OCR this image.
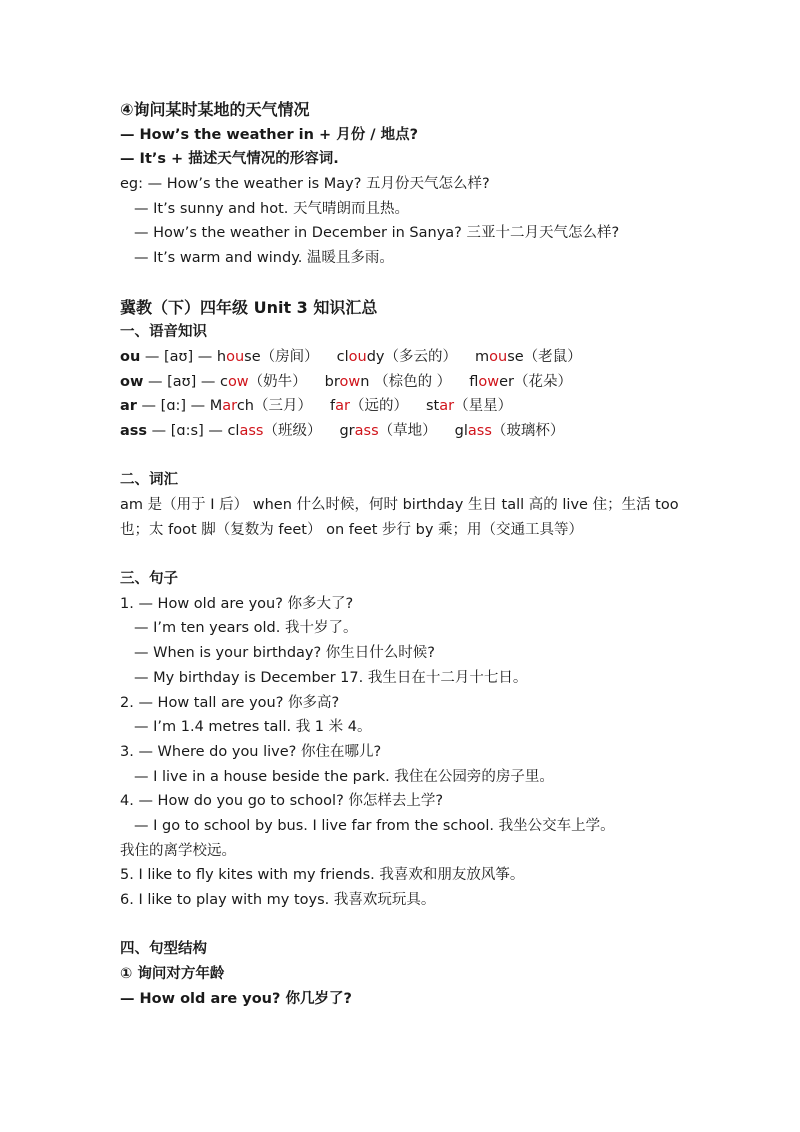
④询问某时某地的天气情况
— How’s the weather in + 月份 / 地点?
— It’s + 描述天气情况的形容词.
eg: — How’s the weather is May? 五月份天气怎么样?
— It’s sunny and hot. 天气晴朗而且热。
— How’s the weather in December in Sanya? 三亚十二月天气怎么样?
— It’s warm and windy. 温暖且多雨。
冀教（下）四年级 Unit 3 知识汇总
一、语音知识
ou — [aʊ] — house（房间） cloudy（多云的） mouse（老鼠）
ow — [aʊ] — cow（奶牛） brown （棕色的 ） flower（花朵）
ar — [ɑ:] — March（三月） far（远的） star（星星）
ass — [ɑ:s] — class（班级） grass（草地） glass（玻璃杯）
二、词汇
am 是（用于 I 后） when 什么时候，何时 birthday 生日 tall 高的 live 住；生活 too 也；太 foot 脚（复数为 feet） on feet 步行 by 乘；用（交通工具等）
三、句子
1. — How old are you? 你多大了?
— I’m ten years old. 我十岁了。
— When is your birthday? 你生日什么时候?
— My birthday is December 17. 我生日在十二月十七日。
2. — How tall are you? 你多高?
— I’m 1.4 metres tall. 我 1 米 4。
3. — Where do you live? 你住在哪儿?
— I live in a house beside the park. 我住在公园旁的房子里。
4. — How do you go to school? 你怎样去上学?
— I go to school by bus. I live far from the school. 我坐公交车上学。
我住的离学校远。
5. I like to fly kites with my friends. 我喜欢和朋友放风筝。
6. I like to play with my toys. 我喜欢玩玩具。
四、句型结构
① 询问对方年龄
— How old are you? 你几岁了?
